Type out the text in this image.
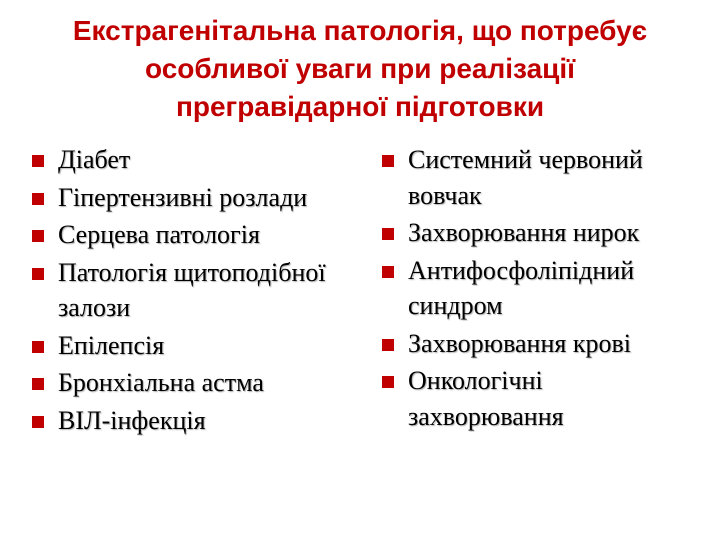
Екстрагенітальна патологія, що потребує
особливої уваги при реалізації
прегравідарної підготовки
Діабет
Гіпертензивні розлади
Серцева патологія
Патологія щитоподібної
залози
Епілепсія
Бронхіальна астма
ВІЛ-інфекція
Системний червоний
вовчак
Захворювання нирок
Антифосфоліпідний
синдром
Захворювання крові
Онкологічні
захворювання
